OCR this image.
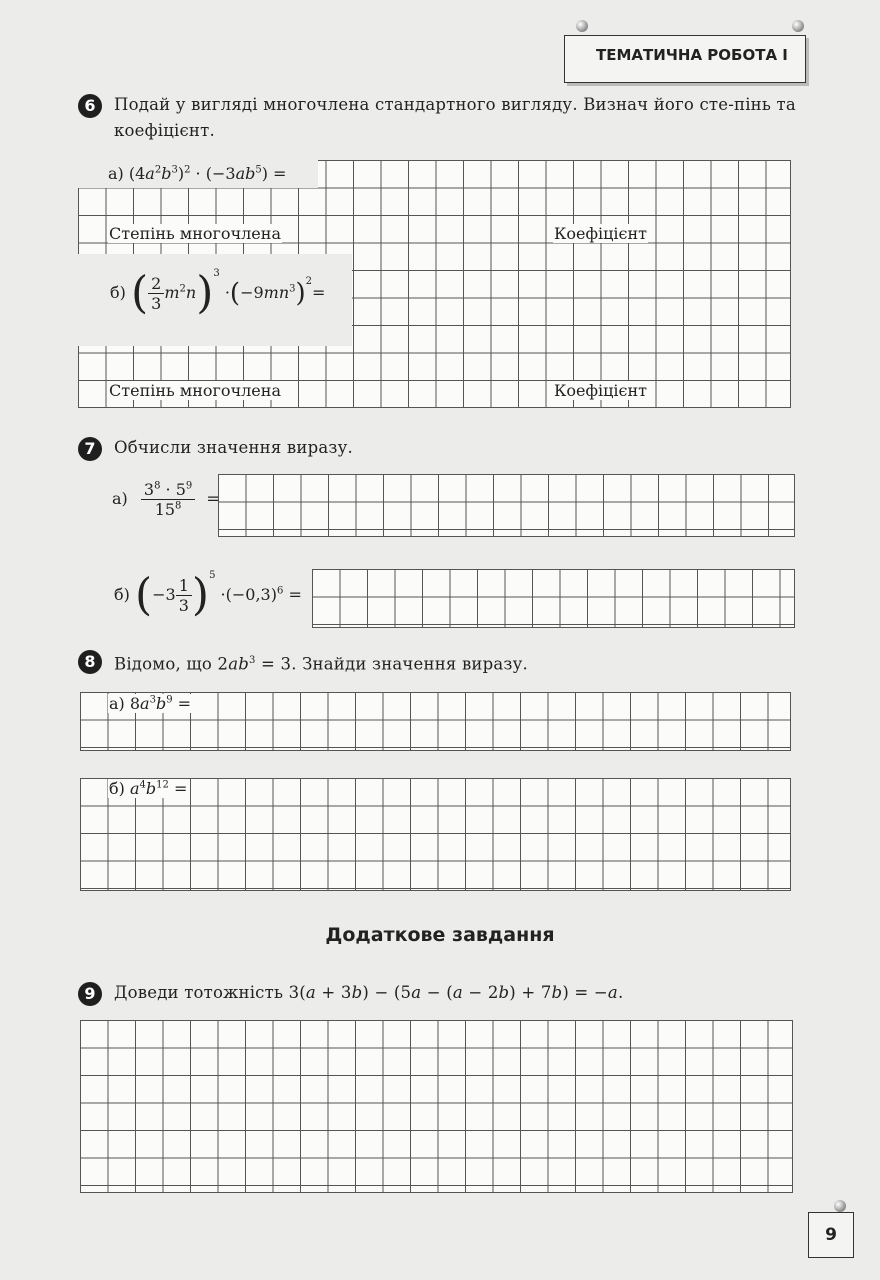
ТЕМАТИЧНА РОБОТА I
6	Подай у вигляді многочлена стандартного вигляду. Визнач його сте-пінь та коефіцієнт.
а) $(4a^2b^3)^2 \cdot (-3ab^5)$ =
Степінь многочлена	Коефіцієнт
б) ( $\frac{2}{3} m^2n)^3 \cdot(-9mn^3)^2=$
Степінь многочлена	Коефіцієнт
7	Обчисли значення виразу.
$а) \frac{3^8 \cdot 5^9}{15^8}$ =
б) $(-3 \frac{1}{3} )^5 \cdot(-0,3)^6$ =
8	Відомо, що $2ab^3 = 3$. Знайди значення виразу.
а) $8a^3b^9$ =
б) $a^4b^{12}$ =
Додаткове завдання
9	Доведи тотожність 3(a + 3b) − (5a − (a − 2b) + 7b) = −a.
9
